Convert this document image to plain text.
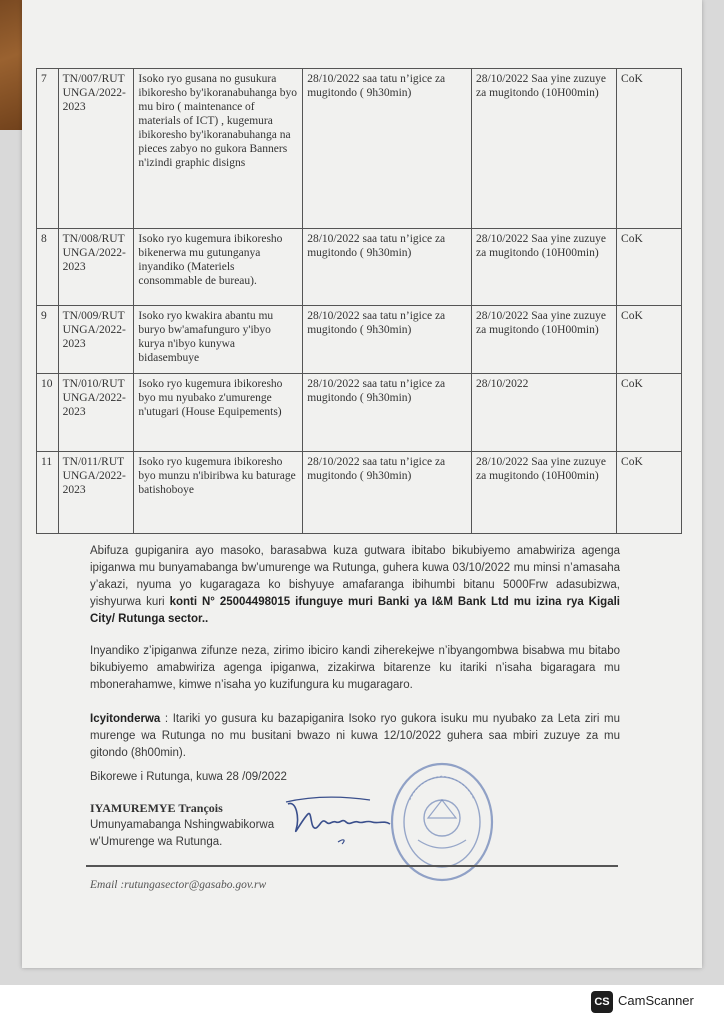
7	TN/007/RUTUNGA/2022-2023	Isoko ryo gusana no gusukura ibikoresho by'ikoranabuhanga byo mu biro ( maintenance of materials of ICT) , kugemura ibikoresho by'ikoranabuhanga na pieces zabyo no gukora Banners n'izindi graphic disigns	28/10/2022 saa tatu n’igice za mugitondo ( 9h30min)	28/10/2022 Saa yine zuzuye za mugitondo (10H00min)	CoK
8	TN/008/RUTUNGA/2022-2023	Isoko ryo kugemura ibikoresho bikenerwa mu gutunganya inyandiko (Materiels consommable de bureau).	28/10/2022 saa tatu n’igice za mugitondo ( 9h30min)	28/10/2022 Saa yine zuzuye za mugitondo (10H00min)	CoK
9	TN/009/RUTUNGA/2022-2023	Isoko ryo kwakira abantu mu buryo bw'amafunguro y'ibyo kurya n'ibyo kunywa bidasembuye	28/10/2022 saa tatu n’igice za mugitondo ( 9h30min)	28/10/2022 Saa yine zuzuye za mugitondo (10H00min)	CoK
10	TN/010/RUTUNGA/2022-2023	Isoko ryo kugemura ibikoresho byo mu nyubako z'umurenge n'utugari (House Equipements)	28/10/2022 saa tatu n’igice za mugitondo ( 9h30min)	28/10/2022	CoK
11	TN/011/RUTUNGA/2022-2023	Isoko ryo kugemura ibikoresho byo munzu n'ibiribwa ku baturage batishoboye	28/10/2022 saa tatu n’igice za mugitondo ( 9h30min)	28/10/2022 Saa yine zuzuye za mugitondo (10H00min)	CoK
Abifuza gupiganira ayo masoko, barasabwa kuza gutwara ibitabo bikubiyemo amabwiriza agenga ipiganwa mu bunyamabanga bw’umurenge wa Rutunga, guhera kuwa 03/10/2022 mu minsi n’amasaha y’akazi, nyuma yo kugaragaza ko bishyuye amafaranga ibihumbi bitanu 5000Frw adasubizwa, yishyurwa kuri konti N° 25004498015 ifunguye muri Banki ya I&M Bank Ltd mu izina rya Kigali City/ Rutunga sector..
Inyandiko z’ipiganwa zifunze neza, zirimo ibiciro kandi ziherekejwe n’ibyangombwa bisabwa mu bitabo bikubiyemo amabwiriza agenga ipiganwa, zizakirwa bitarenze ku itariki n’isaha bigaragara mu mbonerahamwe, kimwe n’isaha yo kuzifungura ku mugaragaro.
Icyitonderwa : Itariki yo gusura ku bazapiganira Isoko ryo gukora isuku mu nyubako za Leta ziri mu murenge wa Rutunga no mu busitani bwazo ni kuwa 12/10/2022 guhera saa mbiri zuzuye za mu gitondo (8h00min).
Bikorewe i Rutunga, kuwa 28 /09/2022
IYAMUREMYE Trançois
Umunyamabanga Nshingwabikorwa
w’Umurenge wa Rutunga.
Email :rutungasector@gasabo.gov.rw
CS CamScanner
